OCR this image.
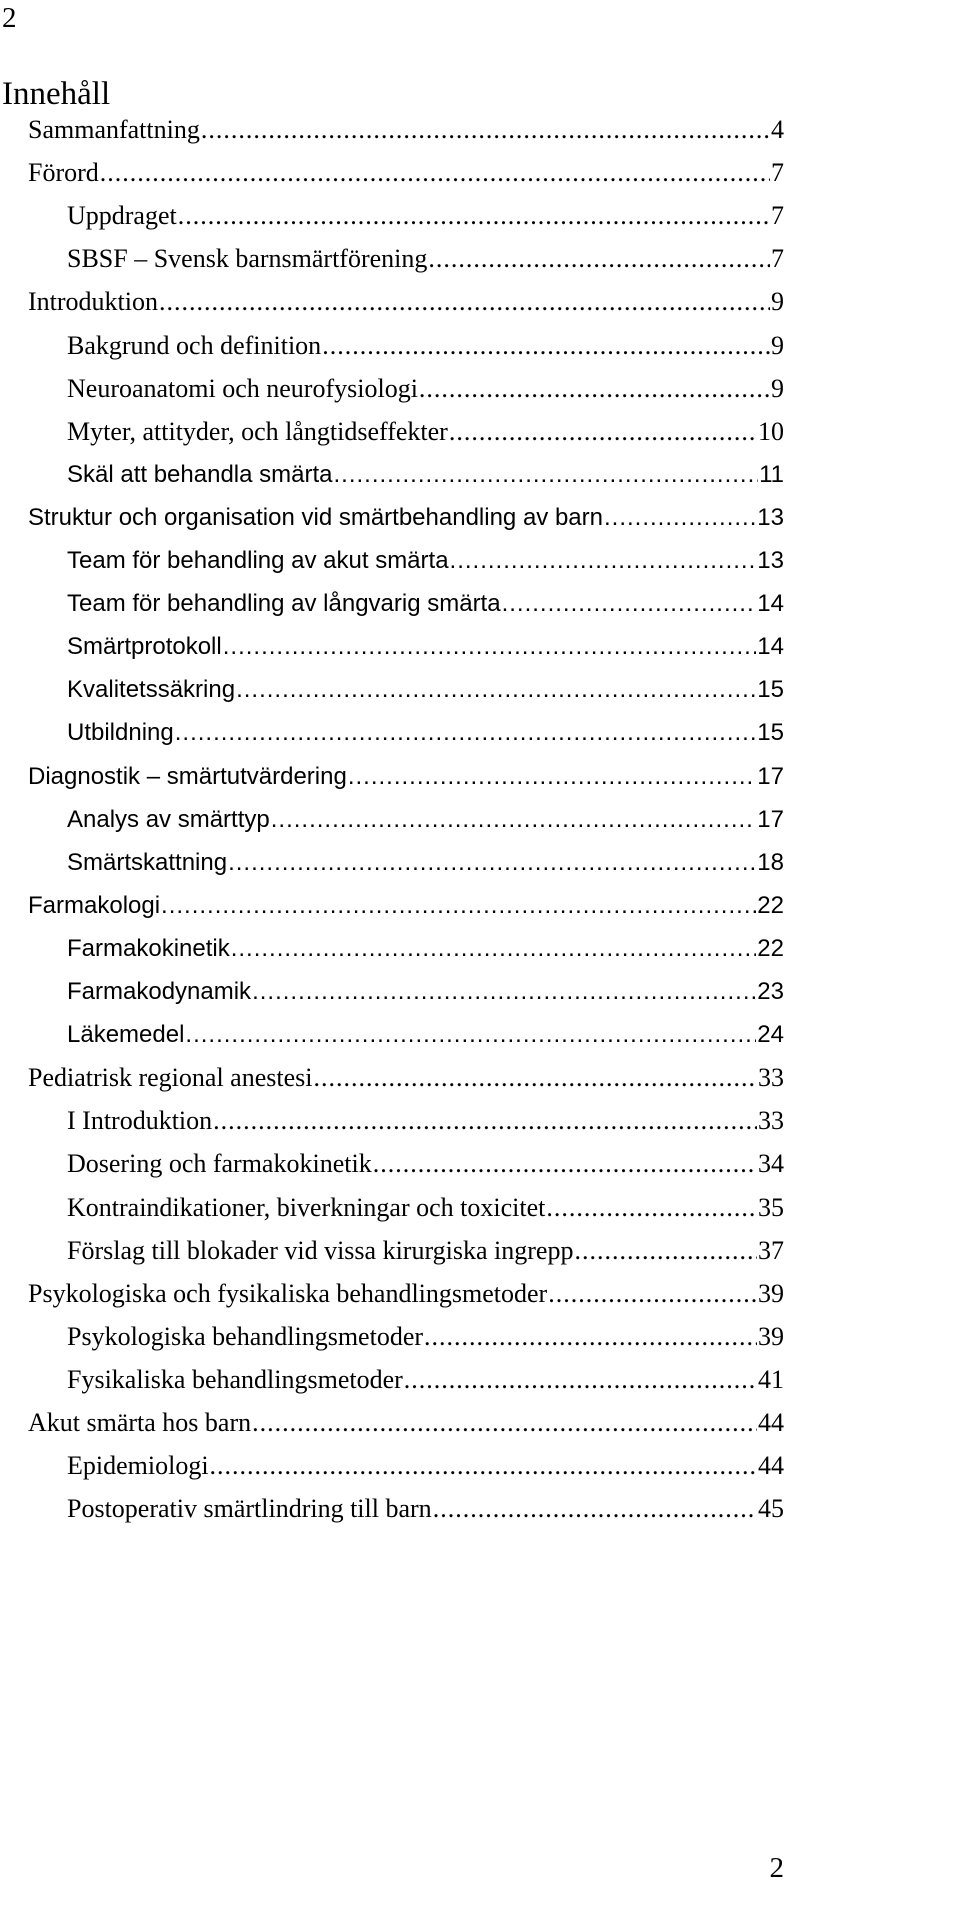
2
Innehåll
Sammanfattning .....	4
Förord .....	7
Uppdraget .....	7
SBSF – Svensk barnsmärtförening .....	7
Introduktion .....	9
Bakgrund och definition .....	9
Neuroanatomi och neurofysiologi .....	9
Myter, attityder, och långtidseffekter .....	10
Skäl att behandla smärta .....	11
Struktur och organisation vid smärtbehandling av barn .....	13
Team för behandling av akut smärta .....	13
Team för behandling av långvarig smärta .....	14
Smärtprotokoll .....	14
Kvalitetssäkring .....	15
Utbildning .....	15
Diagnostik – smärtutvärdering .....	17
Analys av smärttyp .....	17
Smärtskattning .....	18
Farmakologi .....	22
Farmakokinetik .....	22
Farmakodynamik .....	23
Läkemedel .....	24
Pediatrisk regional anestesi .....	33
I Introduktion .....	33
Dosering och farmakokinetik .....	34
Kontraindikationer, biverkningar och toxicitet .....	35
Förslag till blokader vid vissa kirurgiska ingrepp .....	37
Psykologiska och fysikaliska behandlingsmetoder .....	39
Psykologiska behandlingsmetoder .....	39
Fysikaliska behandlingsmetoder .....	41
Akut smärta hos barn .....	44
Epidemiologi .....	44
Postoperativ smärtlindring till barn .....	45
2
